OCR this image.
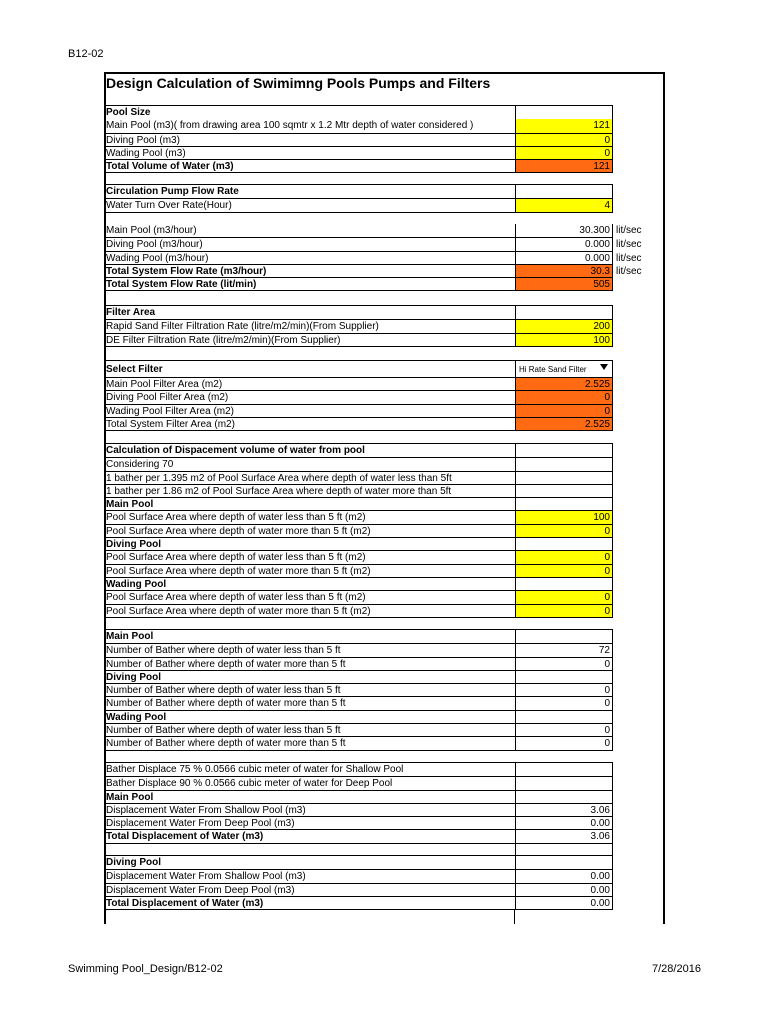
B12-02
Design Calculation of Swimimng Pools Pumps and Filters
Pool Size
Main Pool (m3)( from drawing area 100 sqmtr x 1.2 Mtr depth of water considered )	121
Diving Pool (m3)	0
Wading Pool (m3)	0
Total Volume of Water (m3)	121
Circulation Pump Flow Rate
Water Turn Over Rate(Hour)	4
Main Pool (m3/hour)	30.300 lit/sec
Diving Pool (m3/hour)	0.000 lit/sec
Wading Pool (m3/hour)	0.000 lit/sec
Total System Flow Rate (m3/hour)	30.3 lit/sec
Total System Flow Rate (lit/min)	505
Filter Area
Rapid Sand Filter Filtration Rate (litre/m2/min)(From Supplier)	200
DE Filter Filtration Rate (litre/m2/min)(From Supplier)	100
Select Filter	Hi Rate Sand Filter
Main Pool Filter Area (m2)	2.525
Diving Pool Filter Area (m2)	0
Wading Pool Filter Area (m2)	0
Total System Filter Area (m2)	2.525
Calculation of Dispacement volume of water from pool
Considering 70
1 bather per 1.395 m2 of Pool Surface Area where depth of water less than 5ft
1 bather per 1.86 m2 of Pool Surface Area where depth of water more than 5ft
Main Pool
Pool Surface Area where depth of water less than 5 ft (m2)	100
Pool Surface Area where depth of water more than 5 ft (m2)	0
Diving Pool
Pool Surface Area where depth of water less than 5 ft (m2)	0
Pool Surface Area where depth of water more than 5 ft (m2)	0
Wading Pool
Pool Surface Area where depth of water less than 5 ft (m2)	0
Pool Surface Area where depth of water more than 5 ft (m2)	0
Main Pool
Number of Bather where depth of water less than 5 ft	72
Number of Bather where depth of water more than 5 ft	0
Diving Pool
Number of Bather where depth of water less than 5 ft	0
Number of Bather where depth of water more than 5 ft	0
Wading Pool
Number of Bather where depth of water less than 5 ft	0
Number of Bather where depth of water more than 5 ft	0
Bather Displace 75 % 0.0566 cubic meter of water for Shallow Pool
Bather Displace 90 % 0.0566 cubic meter of water for Deep Pool
Main Pool
Displacement Water From Shallow Pool (m3)	3.06
Displacement Water From Deep Pool (m3)	0.00
Total Displacement of Water (m3)	3.06
Diving Pool
Displacement Water From Shallow Pool (m3)	0.00
Displacement Water From Deep Pool (m3)	0.00
Total Displacement of Water (m3)	0.00
Swimming Pool_Design/B12-02	7/28/2016
